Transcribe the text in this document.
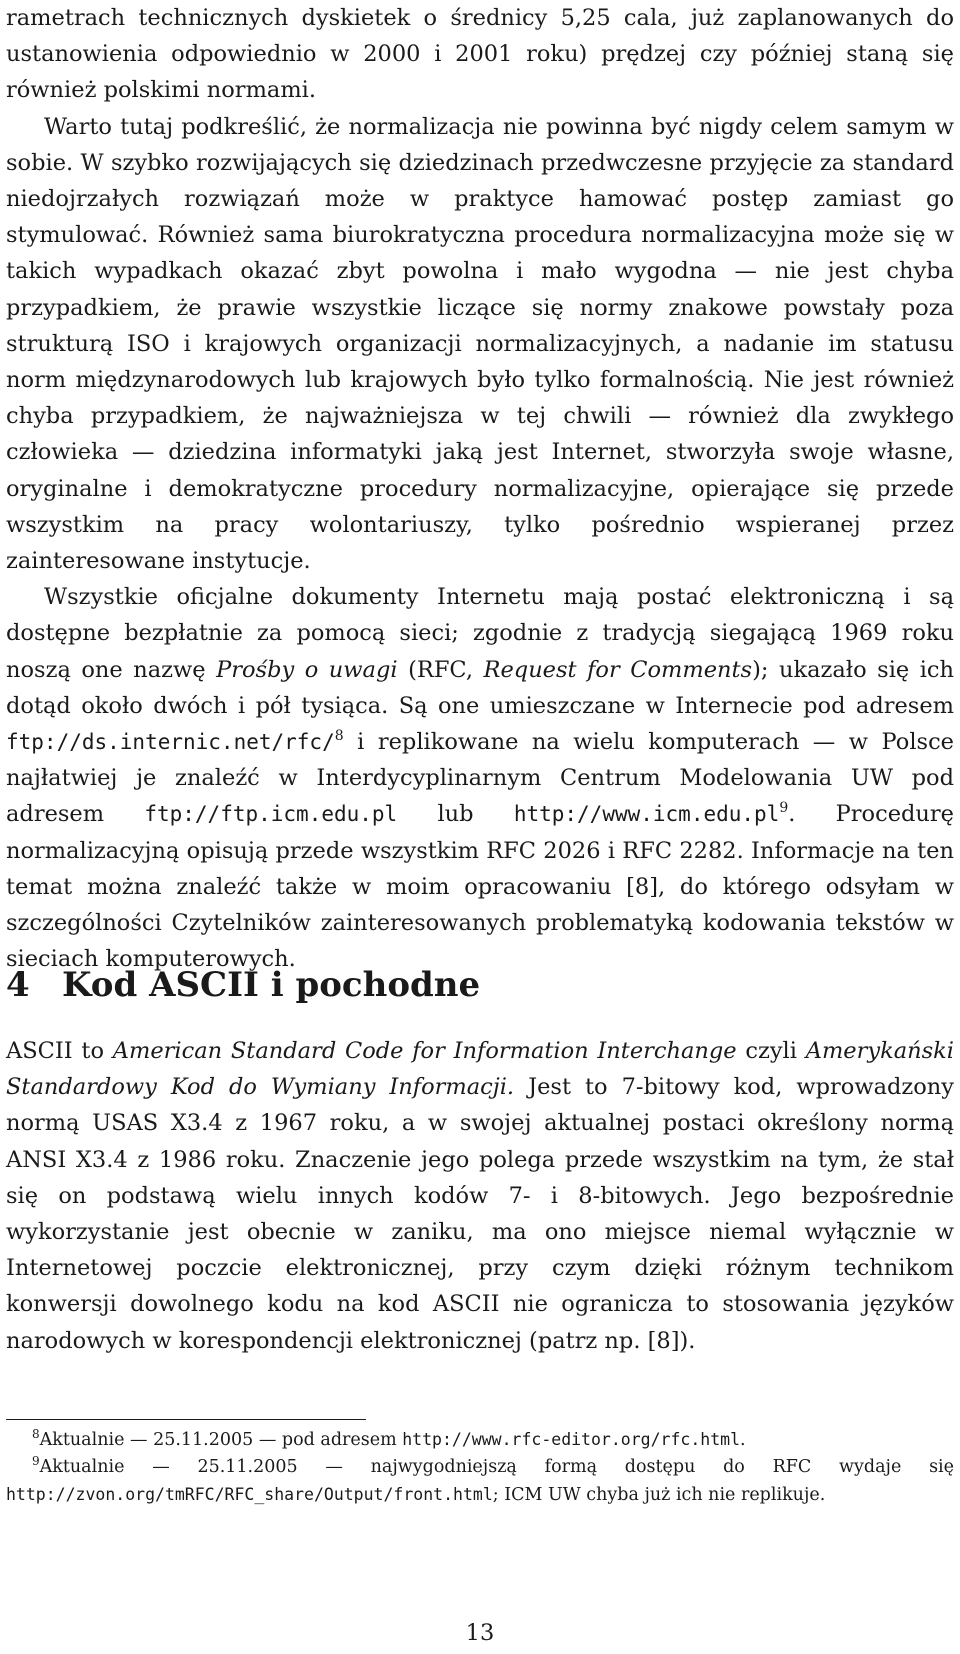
rametrach technicznych dyskietek o średnicy 5,25 cala, już zaplanowanych do ustanowienia odpowiednio w 2000 i 2001 roku) prędzej czy później staną się również polskimi normami.

Warto tutaj podkreślić, że normalizacja nie powinna być nigdy celem samym w sobie. W szybko rozwijających się dziedzinach przedwczesne przyjęcie za standard niedojrzałych rozwiązań może w praktyce hamować postęp zamiast go stymulować. Również sama biurokratyczna procedura normalizacyjna może się w takich wypadkach okazać zbyt powolna i mało wygodna — nie jest chyba przypadkiem, że prawie wszystkie liczące się normy znakowe powstały poza strukturą ISO i krajowych organizacji normalizacyjnych, a nadanie im statusu norm międzynarodowych lub krajowych było tylko formalnością. Nie jest również chyba przypadkiem, że najważniejsza w tej chwili — również dla zwykłego człowieka — dziedzina informatyki jaką jest Internet, stworzyła swoje własne, oryginalne i demokratyczne procedury normalizacyjne, opierające się przede wszystkim na pracy wolontariuszy, tylko pośrednio wspieranej przez zainteresowane instytucje.

Wszystkie oficjalne dokumenty Internetu mają postać elektroniczną i są dostępne bezpłatnie za pomocą sieci; zgodnie z tradycją siegającą 1969 roku noszą one nazwę Prośby o uwagi (RFC, Request for Comments); ukazało się ich dotąd około dwóch i pół tysiąca. Są one umieszczane w Internecie pod adresem ftp://ds.internic.net/rfc/$^8$ i replikowane na wielu komputerach — w Polsce najłatwiej je znaleźć w Interdycyplinarnym Centrum Modelowania UW pod adresem ftp://ftp.icm.edu.pl lub $http://www.icm.edu.pl^9$. Procedurę normalizacyjną opisują przede wszystkim RFC 2026 i RFC 2282. Informacje na ten temat można znaleźć także w moim opracowaniu [8], do którego odsyłam w szczególności Czytelników zainteresowanych problematyką kodowania tekstów w sieciach komputerowych.

4 Kod ASCII i pochodne

ASCII to American Standard Code for Information Interchange czyli Amerykański Standardowy Kod do Wymiany Informacji. Jest to 7-bitowy kod, wprowadzony normą USAS X3.4 z 1967 roku, a w swojej aktualnej postaci określony normą ANSI X3.4 z 1986 roku. Znaczenie jego polega przede wszystkim na tym, że stał się on podstawą wielu innych kodów 7- i 8-bitowych. Jego bezpośrednie wykorzystanie jest obecnie w zaniku, ma ono miejsce niemal wyłącznie w Internetowej poczcie elektronicznej, przy czym dzięki różnym technikom konwersji dowolnego kodu na kod ASCII nie ogranicza to stosowania języków narodowych w korespondencji elektronicznej (patrz np. [8]).

$^8$Aktualnie — 25.11.2005 — pod adresem http://www.rfc-editor.org/rfc.html.

$^9$Aktualnie — 25.11.2005 — najwygodniejszą formą dostępu do RFC wydaje się http://zvon.org/tmRFC/RFC_share/Output/front.html; ICM UW chyba już ich nie replikuje.

13
